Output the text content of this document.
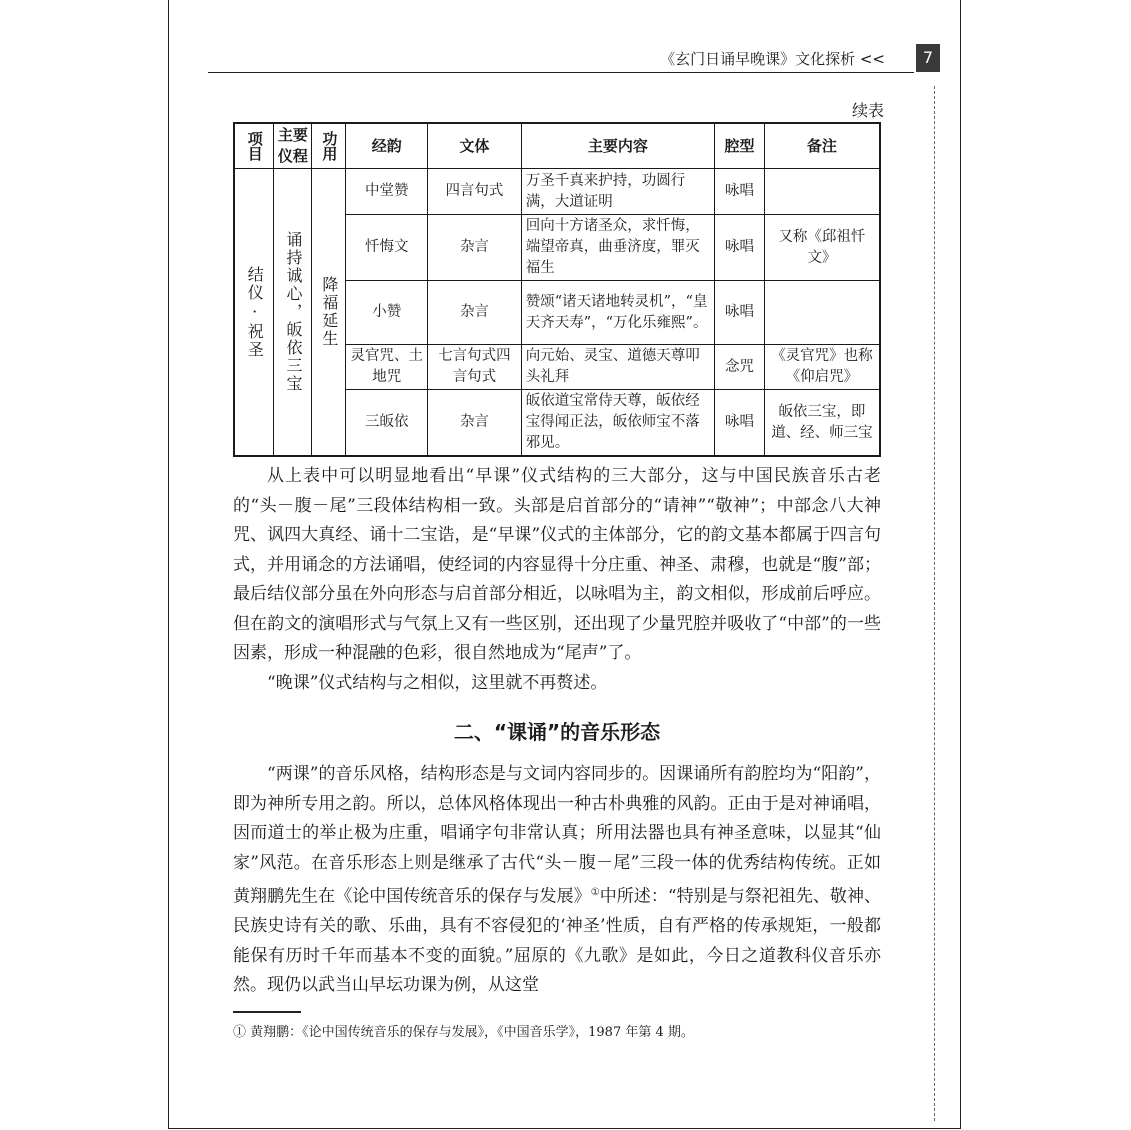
《玄门日诵早晚课》文化探析 <<	7
续表
项目	主要仪程	功用	经韵	文体	主要内容	腔型	备注

结仪·祝圣	诵持诚心，皈依三宝	降福延生	中堂赞	四言句式	万圣千真来护持，功圆行满，大道证明	咏唱	
			忏悔文	杂言	回向十方诸圣众，求忏悔，端望帝真，曲垂济度，罪灭福生	咏唱	又称《邱祖忏文》
			小赞	杂言	赞颂“诸天诸地转灵机”，“皇天齐天寿”，“万化乐雍熙”。	咏唱	
			灵官咒、土地咒	七言句式四言句式	向元始、灵宝、道德天尊叩头礼拜	念咒	《灵官咒》也称《仰启咒》
			三皈依	杂言	皈依道宝常侍天尊，皈依经宝得闻正法，皈依师宝不落邪见。	咏唱	皈依三宝，即道、经、师三宝

从上表中可以明显地看出“早课”仪式结构的三大部分，这与中国民族音乐古老的“头－腹－尾”三段体结构相一致。头部是启首部分的“请神”“敬神”；中部念八大神咒、讽四大真经、诵十二宝诰，是“早课”仪式的主体部分，它的韵文基本都属于四言句式，并用诵念的方法诵唱，使经词的内容显得十分庄重、神圣、肃穆，也就是“腹”部；最后结仪部分虽在外向形态与启首部分相近，以咏唱为主，韵文相似，形成前后呼应。但在韵文的演唱形式与气氛上又有一些区别，还出现了少量咒腔并吸收了“中部”的一些因素，形成一种混融的色彩，很自然地成为“尾声”了。

“晚课”仪式结构与之相似，这里就不再赘述。

二、“课诵”的音乐形态

“两课”的音乐风格，结构形态是与文词内容同步的。因课诵所有韵腔均为“阳韵”，即为神所专用之韵。所以，总体风格体现出一种古朴典雅的风韵。正由于是对神诵唱，因而道士的举止极为庄重，唱诵字句非常认真；所用法器也具有神圣意味，以显其“仙家”风范。在音乐形态上则是继承了古代“头－腹－尾”三段一体的优秀结构传统。正如黄翔鹏先生在《论中国传统音乐的保存与发展》①中所述：“特别是与祭祀祖先、敬神、民族史诗有关的歌、乐曲，具有不容侵犯的‘神圣’性质，自有严格的传承规矩，一般都能保有历时千年而基本不变的面貌。”屈原的《九歌》是如此，今日之道教科仪音乐亦然。现仍以武当山早坛功课为例，从这堂

① 黄翔鹏：《论中国传统音乐的保存与发展》，《中国音乐学》，1987 年第 4 期。
